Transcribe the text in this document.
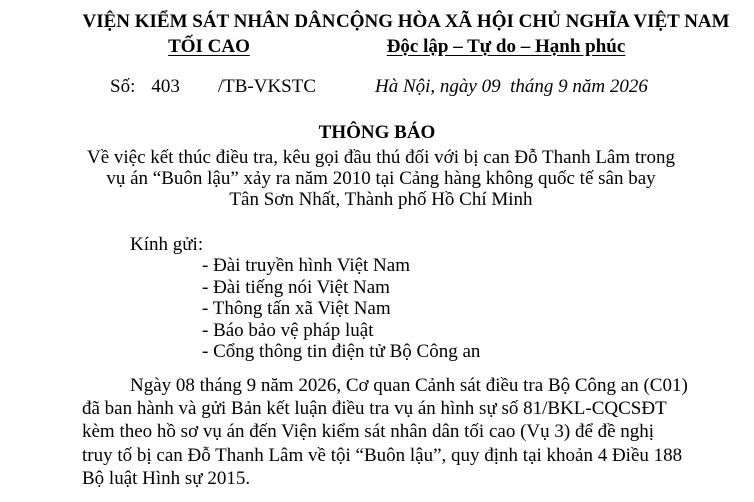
VIỆN KIỂM SÁT NHÂN DÂN
TỐI CAO
CỘNG HÒA XÃ HỘI CHỦ NGHĨA VIỆT NAM
Độc lập – Tự do – Hạnh phúc
Số: 403 /TB-VKSTC	Hà Nội, ngày 09  tháng 9 năm 2026
THÔNG BÁO
Về việc kết thúc điều tra, kêu gọi đầu thú đối với bị can Đỗ Thanh Lâm trong
vụ án “Buôn lậu” xảy ra năm 2010 tại Cảng hàng không quốc tế sân bay
Tân Sơn Nhất, Thành phố Hồ Chí Minh
Kính gửi:
- Đài truyền hình Việt Nam
- Đài tiếng nói Việt Nam
- Thông tấn xã Việt Nam
- Báo bảo vệ pháp luật
- Cổng thông tin điện tử Bộ Công an
Ngày 08 tháng 9 năm 2026, Cơ quan Cảnh sát điều tra Bộ Công an (C01)
đã ban hành và gửi Bản kết luận điều tra vụ án hình sự số 81/BKL-CQCSĐT
kèm theo hồ sơ vụ án đến Viện kiểm sát nhân dân tối cao (Vụ 3) để đề nghị
truy tố bị can Đỗ Thanh Lâm về tội “Buôn lậu”, quy định tại khoản 4 Điều 188
Bộ luật Hình sự 2015.
